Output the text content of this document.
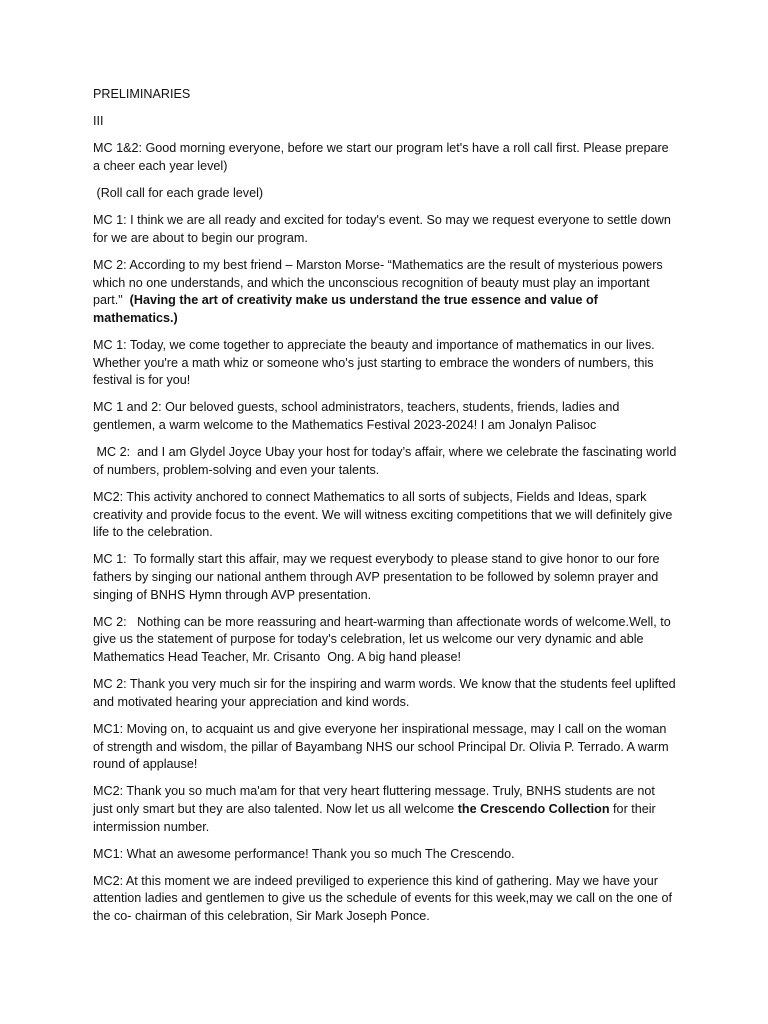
PRELIMINARIES

III

MC 1&2: Good morning everyone, before we start our program let's have a roll call first. Please prepare a cheer each year level)

(Roll call for each grade level)

MC 1: I think we are all ready and excited for today's event. So may we request everyone to settle down for we are about to begin our program.

MC 2: According to my best friend – Marston Morse- “Mathematics are the result of mysterious powers which no one understands, and which the unconscious recognition of beauty must play an important part."  (Having the art of creativity make us understand the true essence and value of mathematics.)

MC 1: Today, we come together to appreciate the beauty and importance of mathematics in our lives. Whether you're a math whiz or someone who's just starting to embrace the wonders of numbers, this festival is for you!

MC 1 and 2: Our beloved guests, school administrators, teachers, students, friends, ladies and gentlemen, a warm welcome to the Mathematics Festival 2023-2024! I am Jonalyn Palisoc

MC 2:  and I am Glydel Joyce Ubay your host for today’s affair, where we celebrate the fascinating world of numbers, problem-solving and even your talents.

MC2: This activity anchored to connect Mathematics to all sorts of subjects, Fields and Ideas, spark creativity and provide focus to the event. We will witness exciting competitions that we will definitely give life to the celebration.

MC 1:  To formally start this affair, may we request everybody to please stand to give honor to our fore fathers by singing our national anthem through AVP presentation to be followed by solemn prayer and singing of BNHS Hymn through AVP presentation.

MC 2:   Nothing can be more reassuring and heart-warming than affectionate words of welcome.Well, to give us the statement of purpose for today's celebration, let us welcome our very dynamic and able Mathematics Head Teacher, Mr. Crisanto  Ong. A big hand please!

MC 2: Thank you very much sir for the inspiring and warm words. We know that the students feel uplifted and motivated hearing your appreciation and kind words.

MC1: Moving on, to acquaint us and give everyone her inspirational message, may I call on the woman of strength and wisdom, the pillar of Bayambang NHS our school Principal Dr. Olivia P. Terrado. A warm round of applause!

MC2: Thank you so much ma'am for that very heart fluttering message. Truly, BNHS students are not just only smart but they are also talented. Now let us all welcome the Crescendo Collection for their intermission number.

MC1: What an awesome performance! Thank you so much The Crescendo.

MC2: At this moment we are indeed previliged to experience this kind of gathering. May we have your attention ladies and gentlemen to give us the schedule of events for this week,may we call on the one of the co- chairman of this celebration, Sir Mark Joseph Ponce.
